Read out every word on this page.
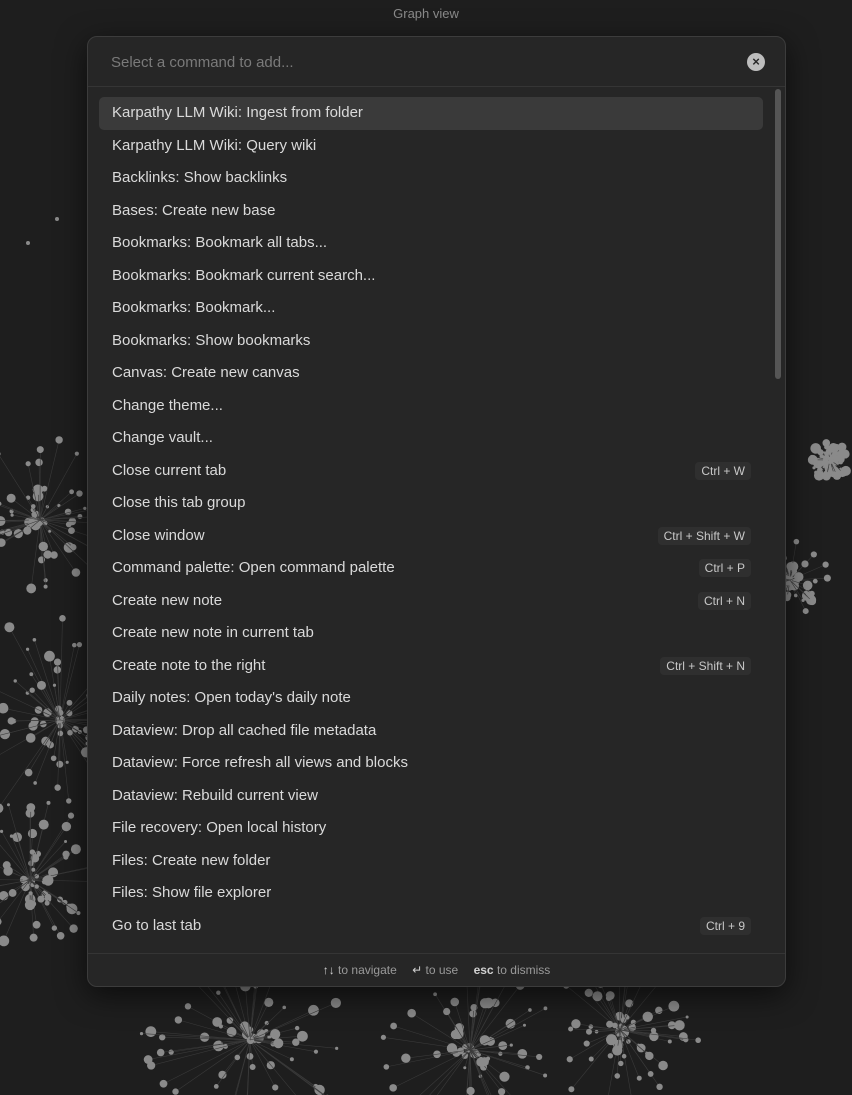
Graph view
Select a command to add...
×
Karpathy LLM Wiki: Ingest from folder
Karpathy LLM Wiki: Query wiki
Backlinks: Show backlinks
Bases: Create new base
Bookmarks: Bookmark all tabs...
Bookmarks: Bookmark current search...
Bookmarks: Bookmark...
Bookmarks: Show bookmarks
Canvas: Create new canvas
Change theme...
Change vault...
Close current tab	Ctrl + W
Close this tab group
Close window	Ctrl + Shift + W
Command palette: Open command palette	Ctrl + P
Create new note	Ctrl + N
Create new note in current tab
Create note to the right	Ctrl + Shift + N
Daily notes: Open today's daily note
Dataview: Drop all cached file metadata
Dataview: Force refresh all views and blocks
Dataview: Rebuild current view
File recovery: Open local history
Files: Create new folder
Files: Show file explorer
Go to last tab	Ctrl + 9
↑↓ to navigate ↵ to use esc to dismiss
